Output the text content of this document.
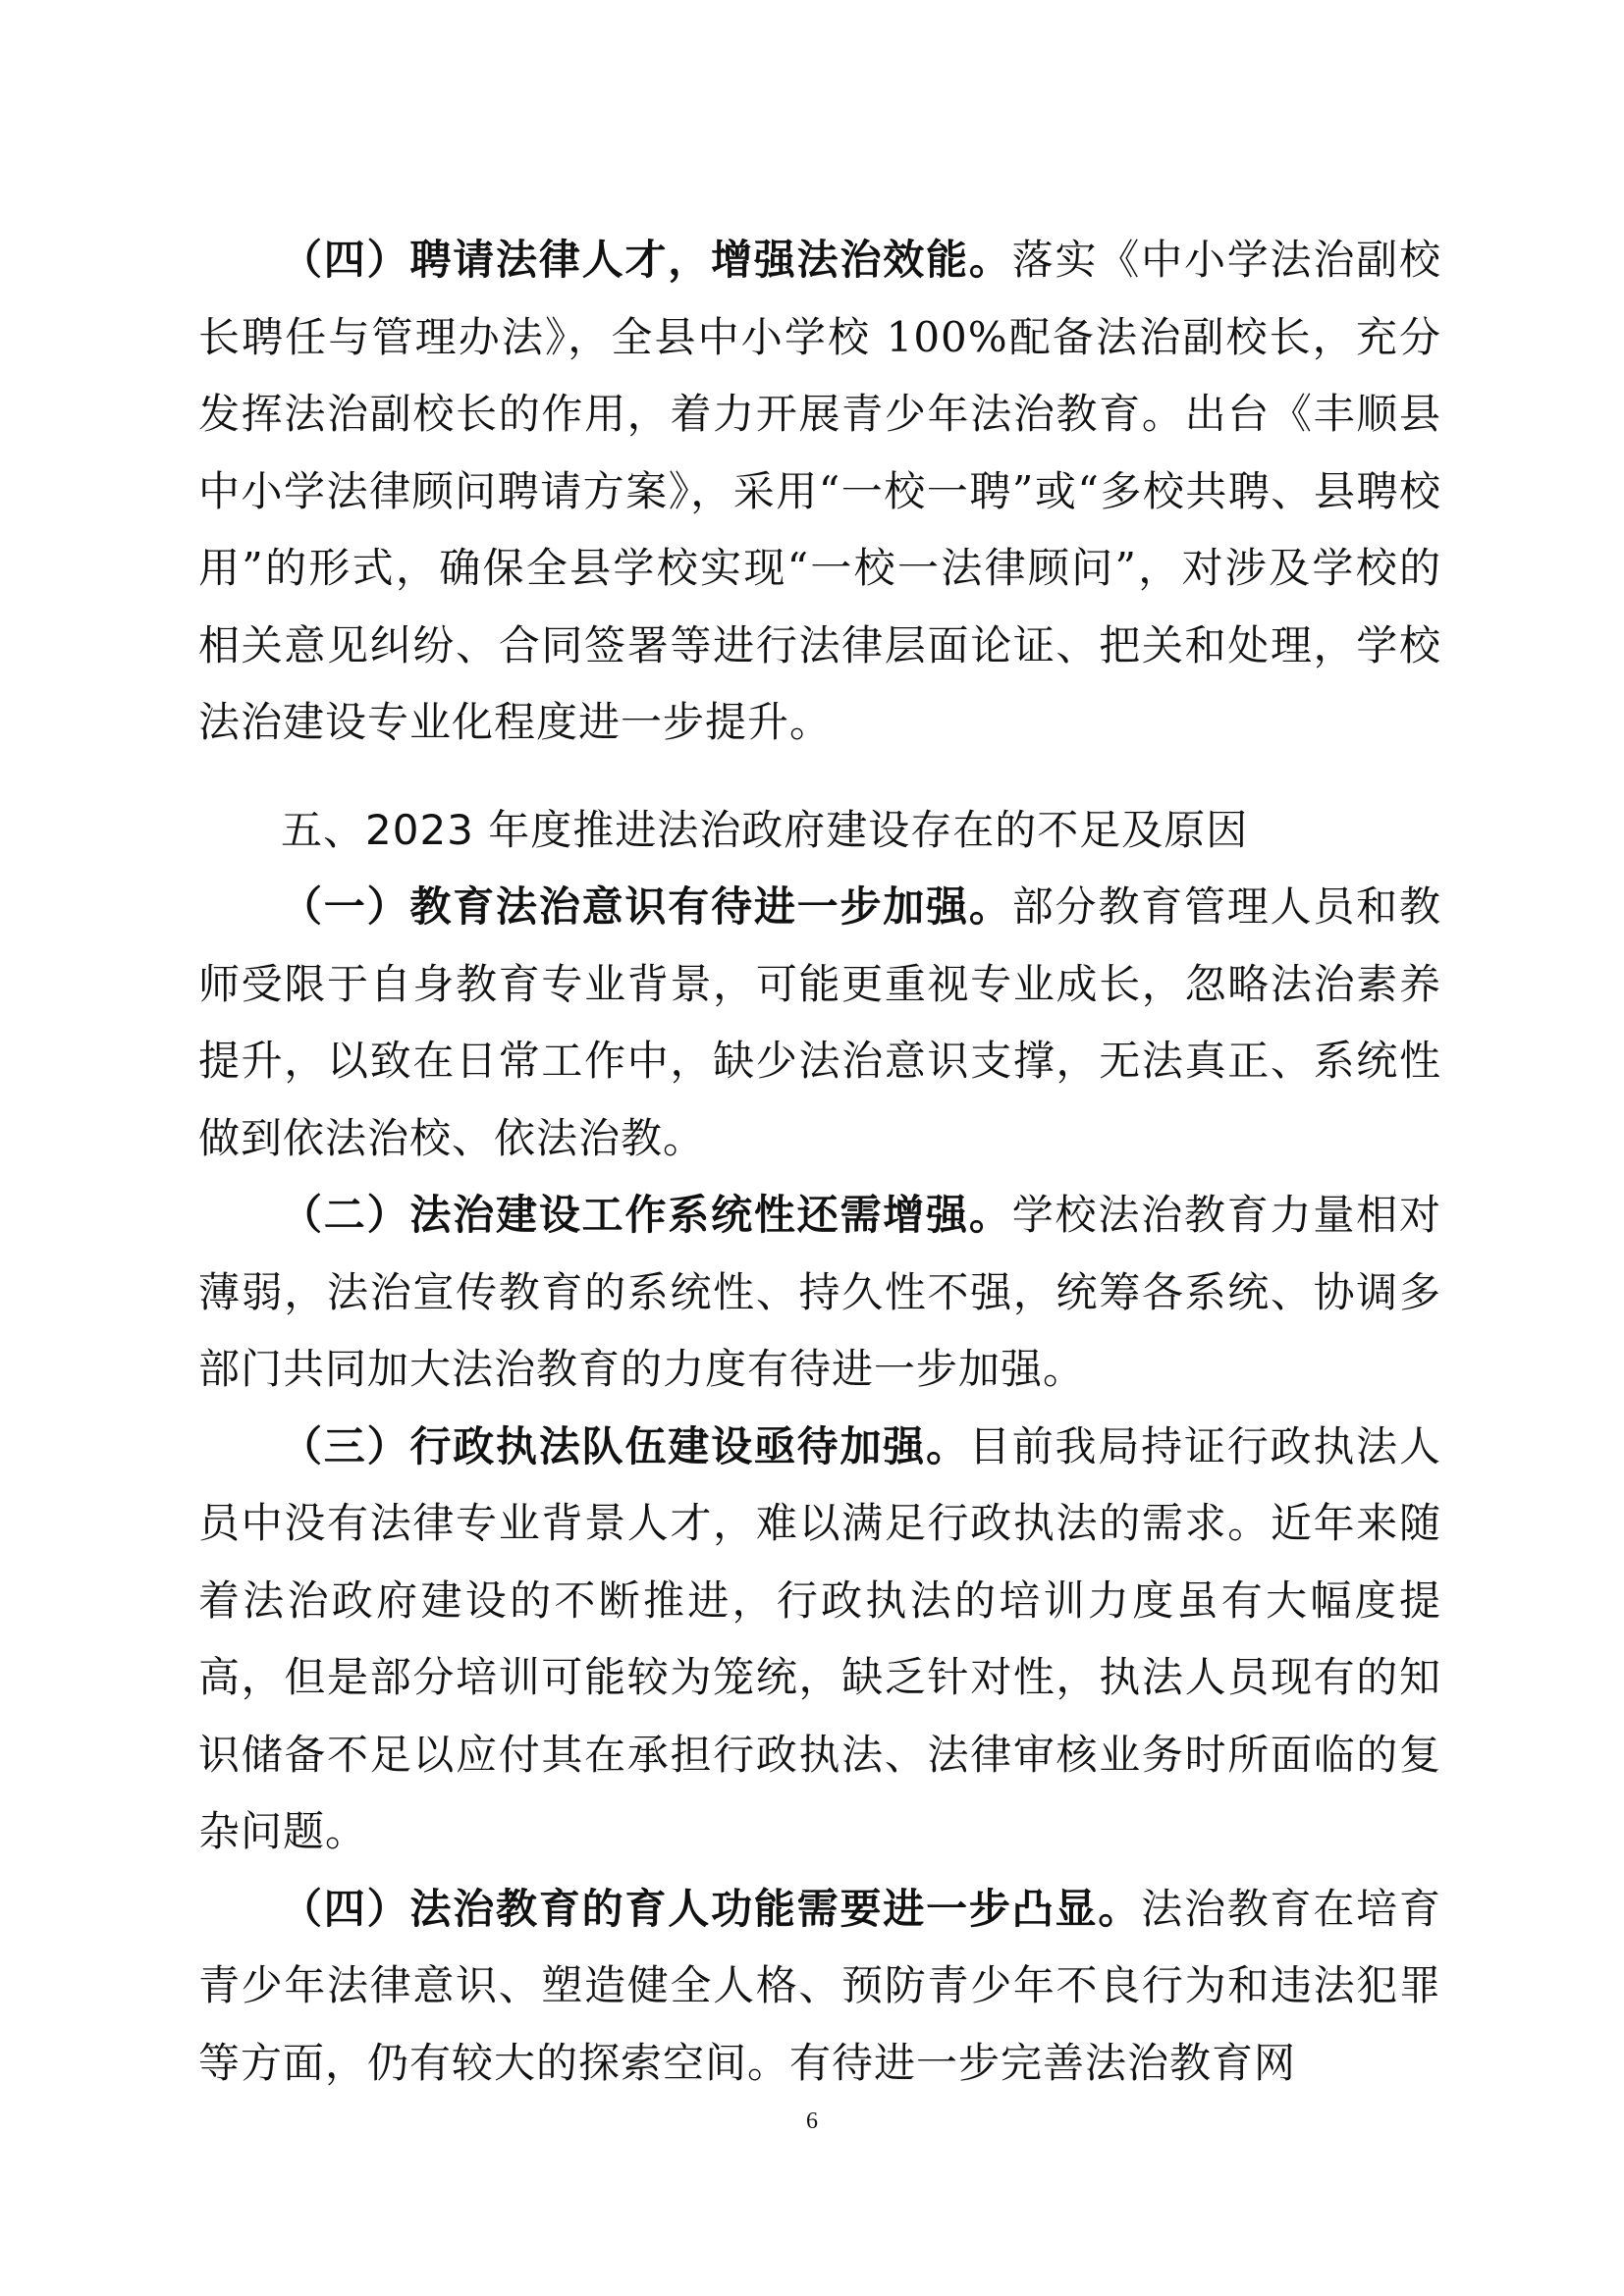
（四）聘请法律人才，增强法治效能。落实《中小学法治副校长聘任与管理办法》，全县中小学校 100%配备法治副校长，充分发挥法治副校长的作用，着力开展青少年法治教育。出台《丰顺县中小学法律顾问聘请方案》，采用“一校一聘”或“多校共聘、县聘校用”的形式，确保全县学校实现“一校一法律顾问”，对涉及学校的相关意见纠纷、合同签署等进行法律层面论证、把关和处理，学校法治建设专业化程度进一步提升。

五、2023 年度推进法治政府建设存在的不足及原因

（一）教育法治意识有待进一步加强。部分教育管理人员和教师受限于自身教育专业背景，可能更重视专业成长，忽略法治素养提升，以致在日常工作中，缺少法治意识支撑，无法真正、系统性做到依法治校、依法治教。

（二）法治建设工作系统性还需增强。学校法治教育力量相对薄弱，法治宣传教育的系统性、持久性不强，统筹各系统、协调多部门共同加大法治教育的力度有待进一步加强。

（三）行政执法队伍建设亟待加强。目前我局持证行政执法人员中没有法律专业背景人才，难以满足行政执法的需求。近年来随着法治政府建设的不断推进，行政执法的培训力度虽有大幅度提高，但是部分培训可能较为笼统，缺乏针对性，执法人员现有的知识储备不足以应付其在承担行政执法、法律审核业务时所面临的复杂问题。

（四）法治教育的育人功能需要进一步凸显。法治教育在培育青少年法律意识、塑造健全人格、预防青少年不良行为和违法犯罪等方面，仍有较大的探索空间。有待进一步完善法治教育网

6
